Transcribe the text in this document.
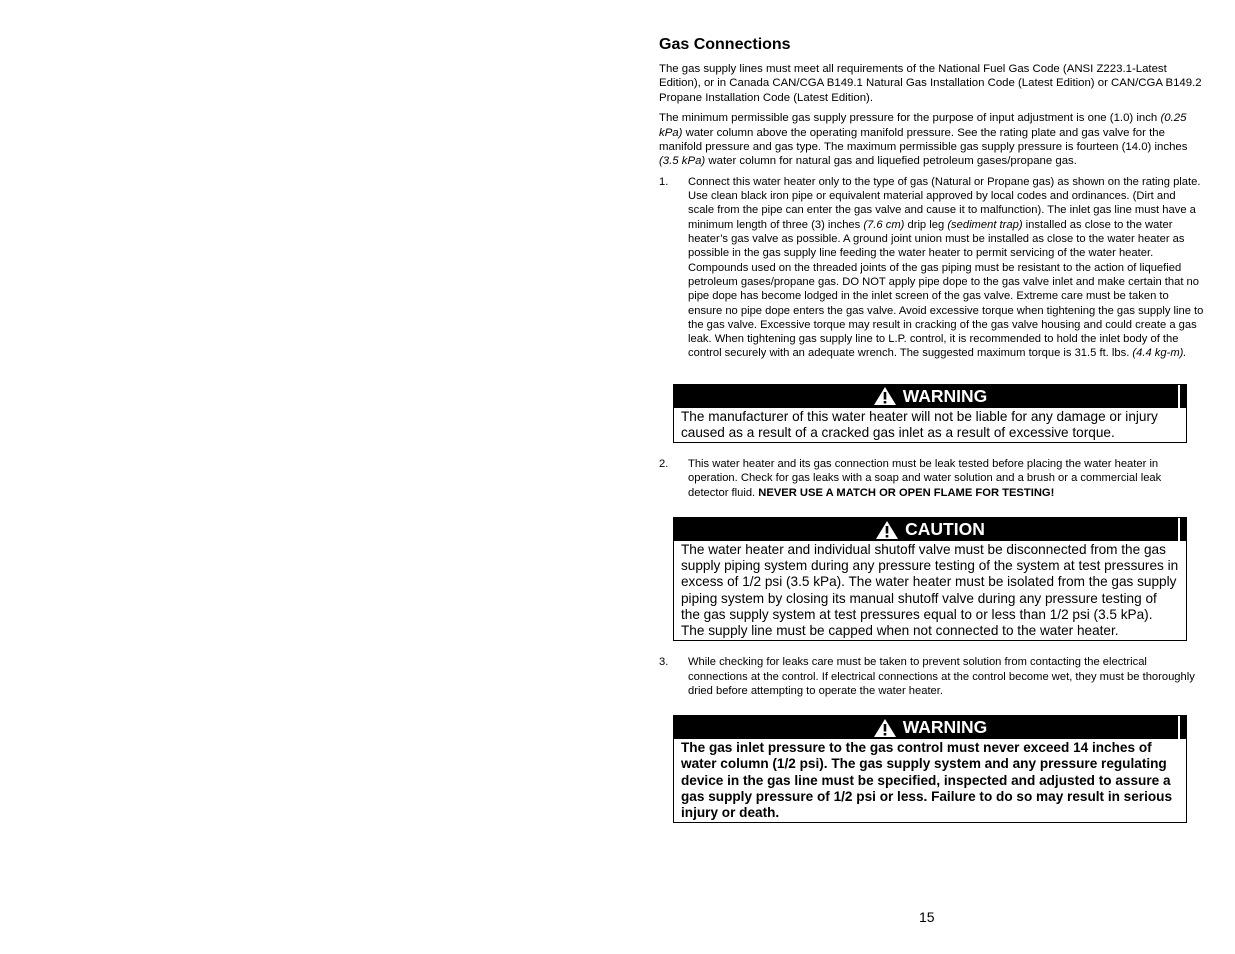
Gas Connections

The gas supply lines must meet all requirements of the National Fuel Gas Code (ANSI Z223.1-Latest Edition), or in Canada CAN/CGA B149.1 Natural Gas Installation Code (Latest Edition) or CAN/CGA B149.2 Propane Installation Code (Latest Edition).

The minimum permissible gas supply pressure for the purpose of input adjustment is one (1.0) inch (0.25 kPa) water column above the operating manifold pressure. See the rating plate and gas valve for the manifold pressure and gas type. The maximum permissible gas supply pressure is fourteen (14.0) inches (3.5 kPa) water column for natural gas and liquefied petroleum gases/propane gas.

1. Connect this water heater only to the type of gas (Natural or Propane gas) as shown on the rating plate. Use clean black iron pipe or equivalent material approved by local codes and ordinances. (Dirt and scale from the pipe can enter the gas valve and cause it to malfunction). The inlet gas line must have a minimum length of three (3) inches (7.6 cm) drip leg (sediment trap) installed as close to the water heater’s gas valve as possible. A ground joint union must be installed as close to the water heater as possible in the gas supply line feeding the water heater to permit servicing of the water heater. Compounds used on the threaded joints of the gas piping must be resistant to the action of liquefied petroleum gases/propane gas. DO NOT apply pipe dope to the gas valve inlet and make certain that no pipe dope has become lodged in the inlet screen of the gas valve. Extreme care must be taken to ensure no pipe dope enters the gas valve. Avoid excessive torque when tightening the gas supply line to the gas valve. Excessive torque may result in cracking of the gas valve housing and could create a gas leak. When tightening gas supply line to L.P. control, it is recommended to hold the inlet body of the control securely with an adequate wrench. The suggested maximum torque is 31.5 ft. lbs. (4.4 kg-m).
WARNING
The manufacturer of this water heater will not be liable for any damage or injury caused as a result of a cracked gas inlet as a result of excessive torque.
2. This water heater and its gas connection must be leak tested before placing the water heater in operation. Check for gas leaks with a soap and water solution and a brush or a commercial leak detector fluid. NEVER USE A MATCH OR OPEN FLAME FOR TESTING!
CAUTION
The water heater and individual shutoff valve must be disconnected from the gas supply piping system during any pressure testing of the system at test pressures in excess of 1/2 psi (3.5 kPa). The water heater must be isolated from the gas supply piping system by closing its manual shutoff valve during any pressure testing of the gas supply system at test pressures equal to or less than 1/2 psi (3.5 kPa). The supply line must be capped when not connected to the water heater.
3. While checking for leaks care must be taken to prevent solution from contacting the electrical connections at the control. If electrical connections at the control become wet, they must be thoroughly dried before attempting to operate the water heater.
WARNING
The gas inlet pressure to the gas control must never exceed 14 inches of water column (1/2 psi). The gas supply system and any pressure regulating device in the gas line must be specified, inspected and adjusted to assure a gas supply pressure of 1/2 psi or less. Failure to do so may result in serious injury or death.
15
